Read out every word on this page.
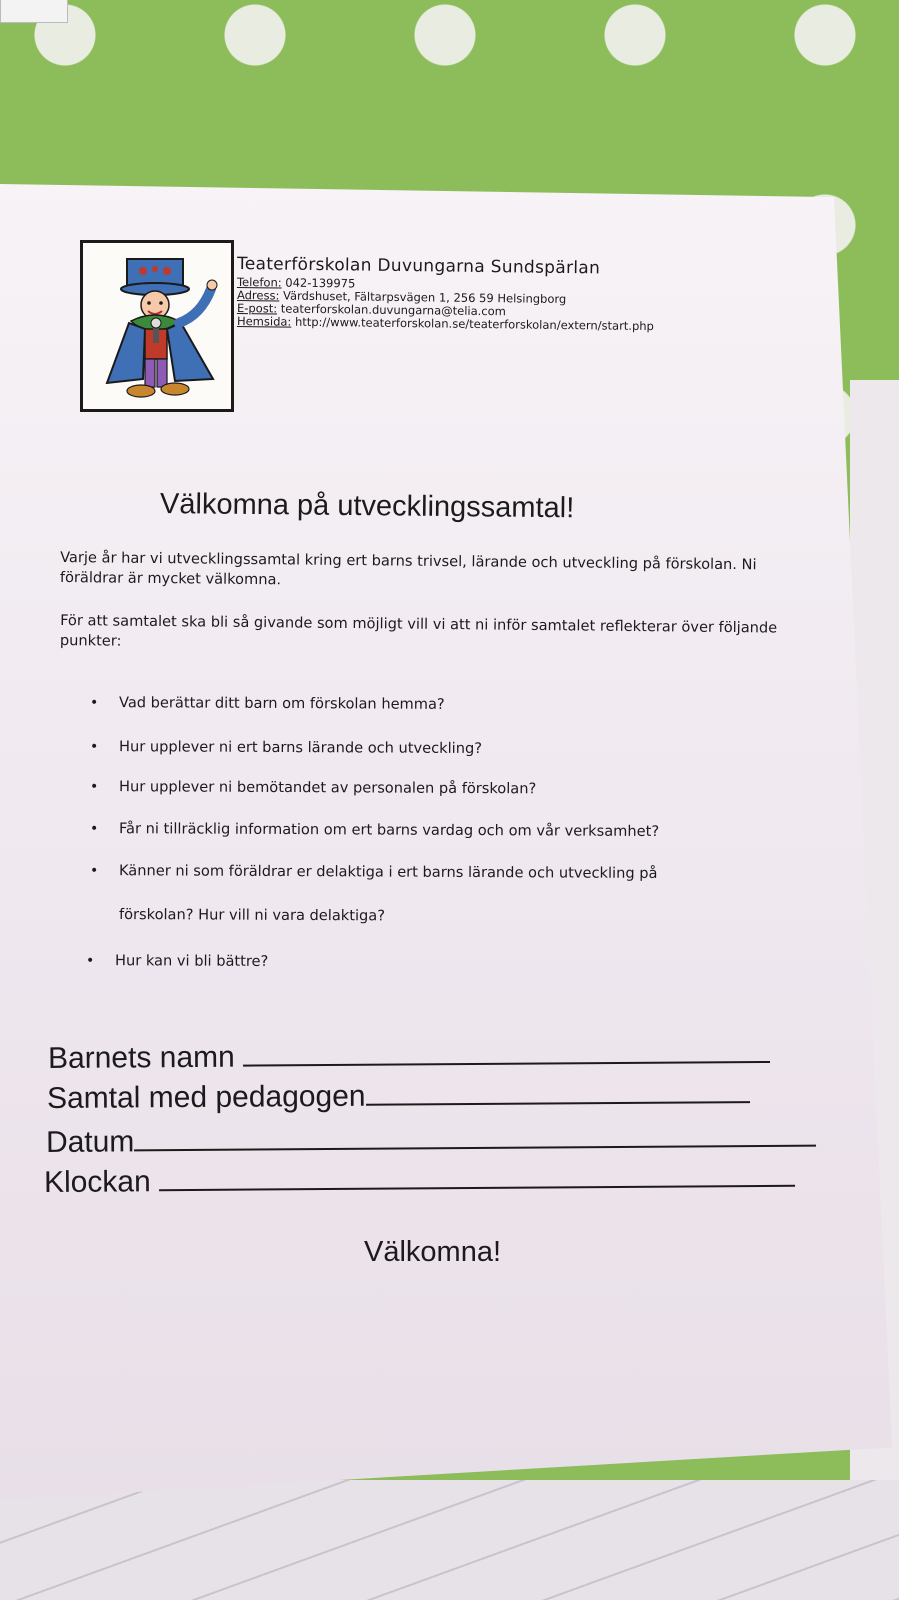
Teaterförskolan Duvungarna Sundspärlan

Telefon: 042-139975

Adress: Värdshuset, Fältarpsvägen 1, 256 59 Helsingborg

E-post: teaterforskolan.duvungarna@telia.com

Hemsida: http://www.teaterforskolan.se/teaterforskolan/extern/start.php

Välkomna på utvecklingssamtal!
Varje år har vi utvecklingssamtal kring ert barns trivsel, lärande och utveckling på förskolan. Ni föräldrar är mycket välkomna.
För att samtalet ska bli så givande som möjligt vill vi att ni inför samtalet reflekterar över följande punkter:
• Vad berättar ditt barn om förskolan hemma?
• Hur upplever ni ert barns lärande och utveckling?
• Hur upplever ni bemötandet av personalen på förskolan?
• Får ni tillräcklig information om ert barns vardag och om vår verksamhet?
• Känner ni som föräldrar er delaktiga i ert barns lärande och utveckling på
förskolan? Hur vill ni vara delaktiga?
• Hur kan vi bli bättre?
Barnets namn
Samtal med pedagogen
Datum
Klockan
Välkomna!
